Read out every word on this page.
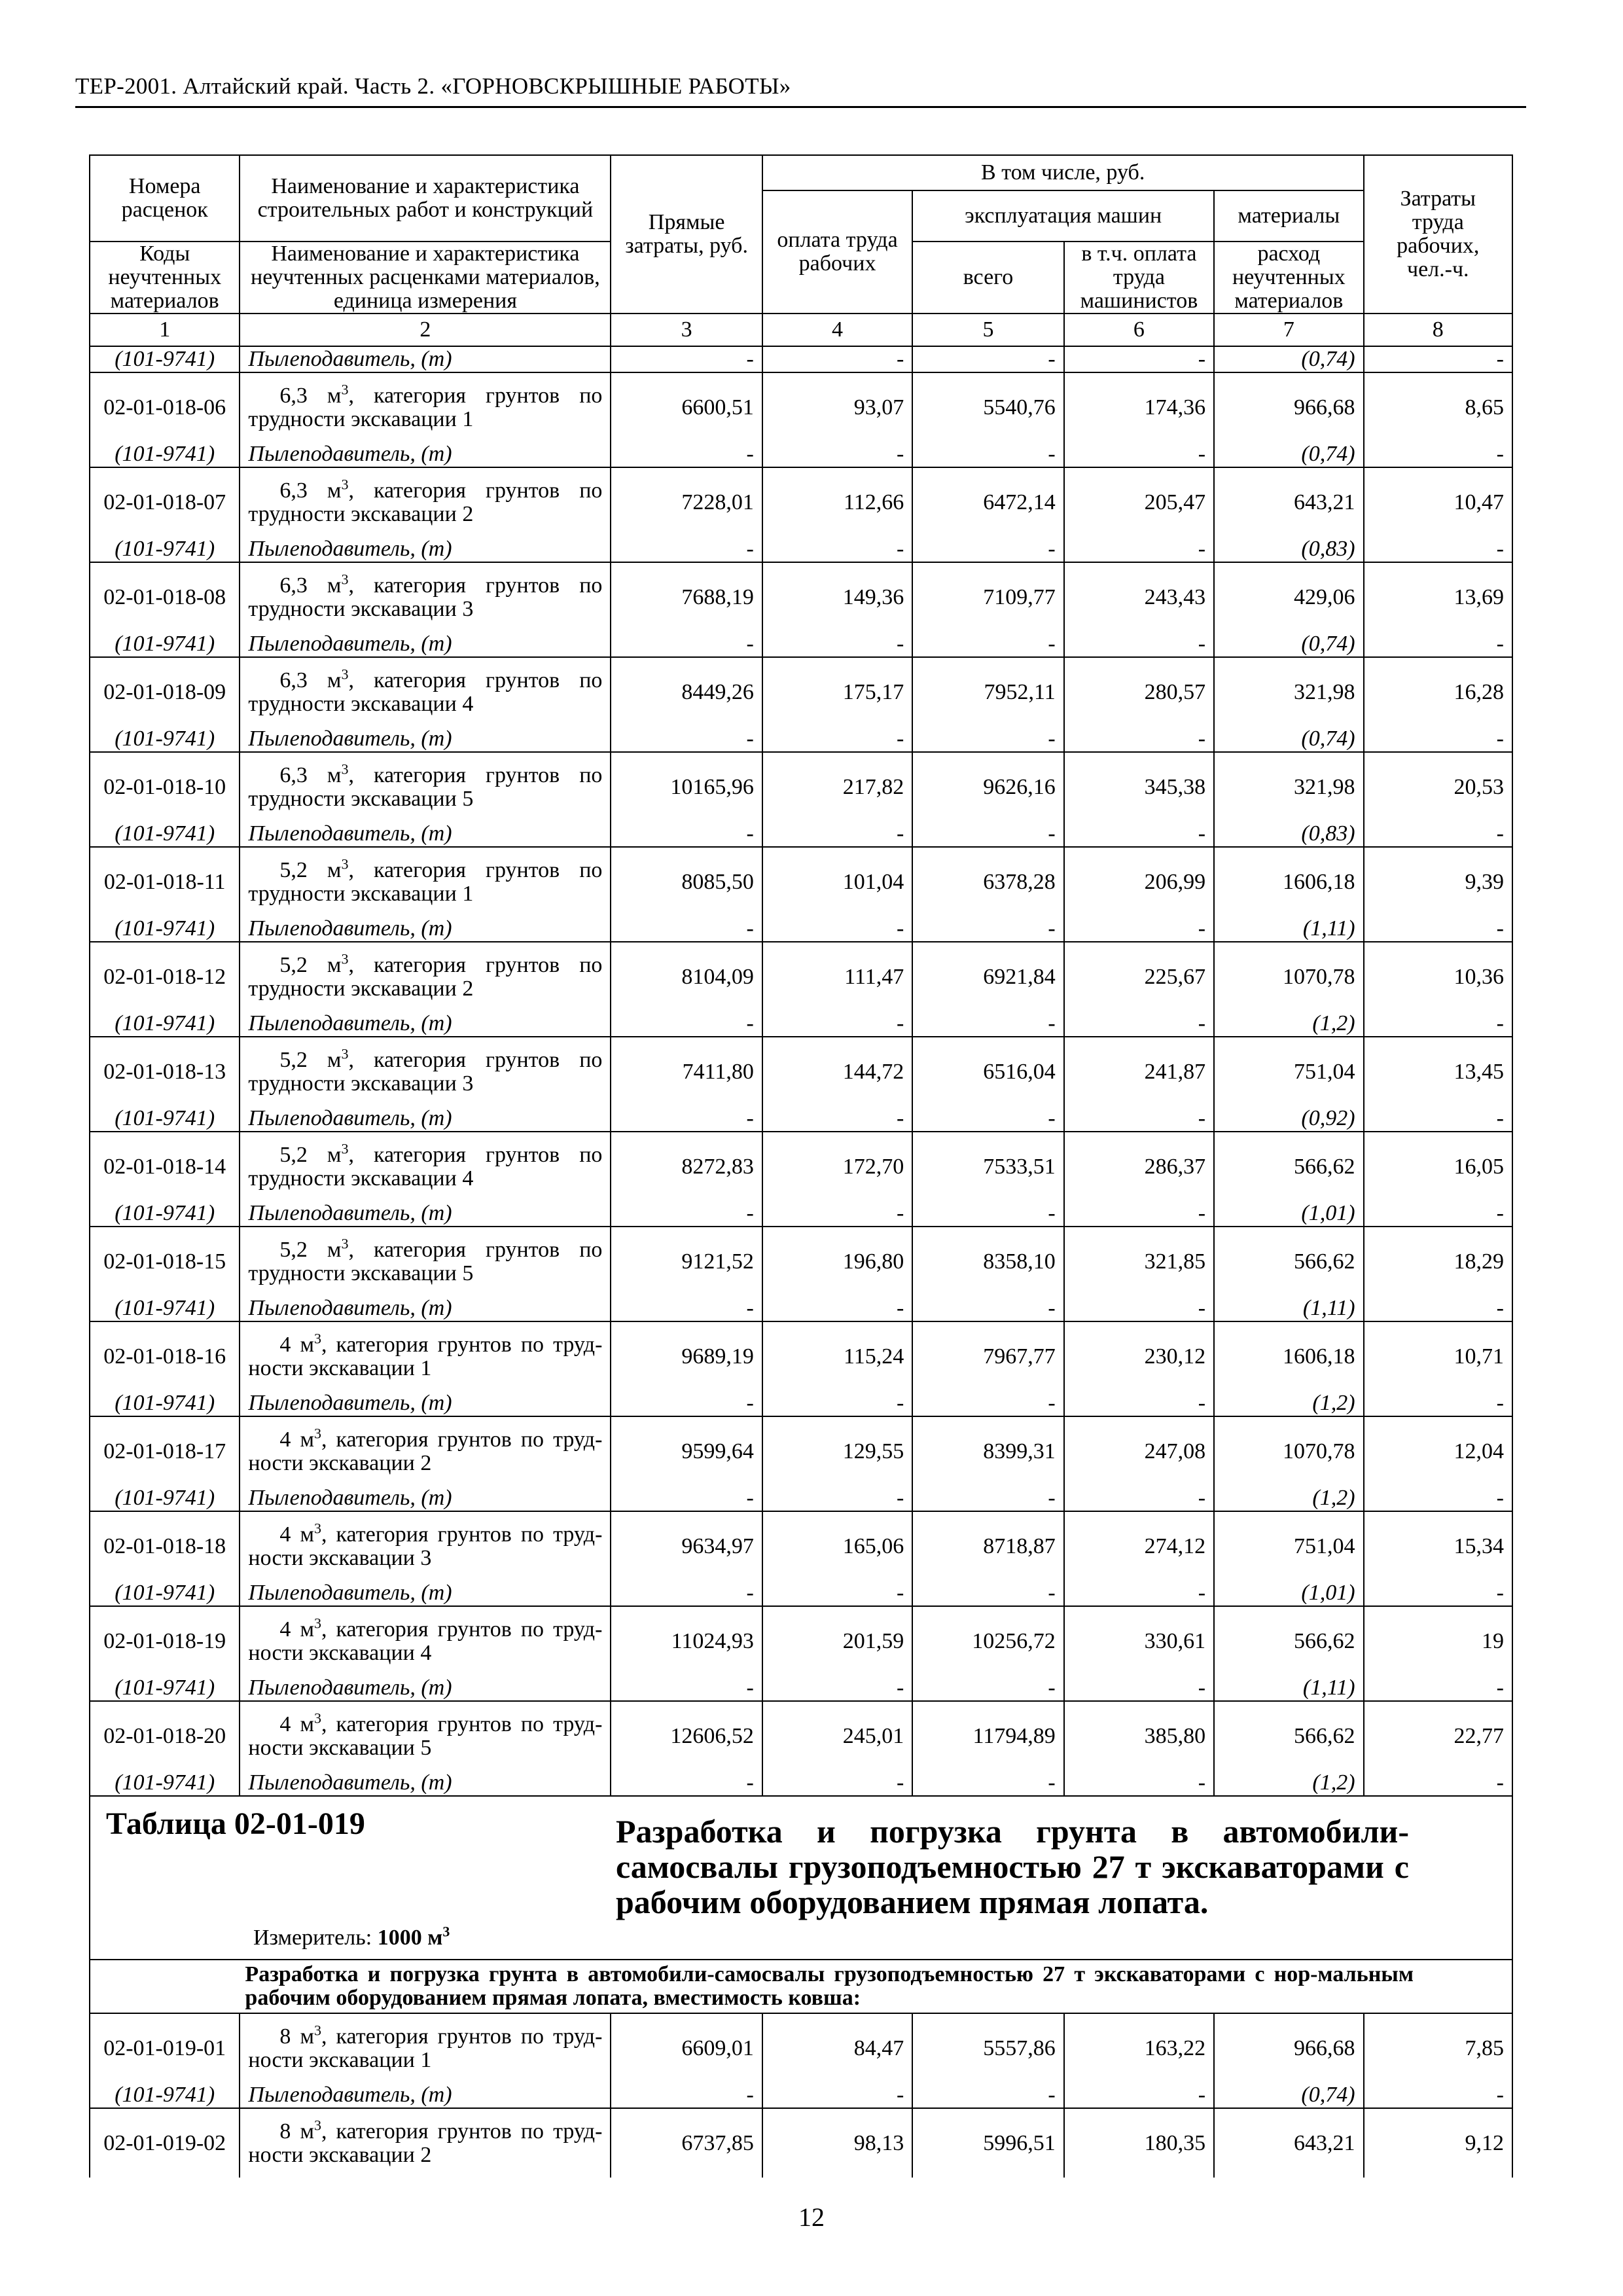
ТЕР-2001. Алтайский край. Часть 2. «ГОРНОВСКРЫШНЫЕ РАБОТЫ»
Номера расценок	Наименование и характеристика строительных работ и конструкций	Прямые затраты, руб.	В том числе, руб.				Затраты труда рабочих, чел.-ч.
			оплата труда рабочих	эксплуатация машин		материалы	
Коды неучтенных материалов	Наименование и характеристика неучтенных расценками материалов, единица измерения			всего	в т.ч. оплата труда машинистов	расход неучтенных материалов	

1	2	3	4	5	6	7	8
(101-9741)	Пылеподавитель, (т)	-	-	-	-	(0,74)	-
02-01-018-06	6,3 $м^3$, категория грунтов по трудности экскавации 1	6600,51	93,07	5540,76	174,36	966,68	8,65
(101-9741)	Пылеподавитель, (т)	-	-	-	-	(0,74)	-
02-01-018-07	6,3 $м^3$, категория грунтов по трудности экскавации 2	7228,01	112,66	6472,14	205,47	643,21	10,47
(101-9741)	Пылеподавитель, (т)	-	-	-	-	(0,83)	-
02-01-018-08	6,3 $м^3$, категория грунтов по трудности экскавации 3	7688,19	149,36	7109,77	243,43	429,06	13,69
(101-9741)	Пылеподавитель, (т)	-	-	-	-	(0,74)	-
02-01-018-09	6,3 $м^3$, категория грунтов по трудности экскавации 4	8449,26	175,17	7952,11	280,57	321,98	16,28
(101-9741)	Пылеподавитель, (т)	-	-	-	-	(0,74)	-
02-01-018-10	6,3 $м^3$, категория грунтов по трудности экскавации 5	10165,96	217,82	9626,16	345,38	321,98	20,53
(101-9741)	Пылеподавитель, (т)	-	-	-	-	(0,83)	-
02-01-018-11	5,2 $м^3$, категория грунтов по трудности экскавации 1	8085,50	101,04	6378,28	206,99	1606,18	9,39
(101-9741)	Пылеподавитель, (т)	-	-	-	-	(1,11)	-
02-01-018-12	5,2 $м^3$, категория грунтов по трудности экскавации 2	8104,09	111,47	6921,84	225,67	1070,78	10,36
(101-9741)	Пылеподавитель, (т)	-	-	-	-	(1,2)	-
02-01-018-13	5,2 $м^3$, категория грунтов по трудности экскавации 3	7411,80	144,72	6516,04	241,87	751,04	13,45
(101-9741)	Пылеподавитель, (т)	-	-	-	-	(0,92)	-
02-01-018-14	5,2 $м^3$, категория грунтов по трудности экскавации 4	8272,83	172,70	7533,51	286,37	566,62	16,05
(101-9741)	Пылеподавитель, (т)	-	-	-	-	(1,01)	-
02-01-018-15	5,2 $м^3$, категория грунтов по трудности экскавации 5	9121,52	196,80	8358,10	321,85	566,62	18,29
(101-9741)	Пылеподавитель, (т)	-	-	-	-	(1,11)	-
02-01-018-16	4 $м^3$, категория грунтов по труд-ности экскавации 1	9689,19	115,24	7967,77	230,12	1606,18	10,71
(101-9741)	Пылеподавитель, (т)	-	-	-	-	(1,2)	-
02-01-018-17	4 $м^3$, категория грунтов по труд-ности экскавации 2	9599,64	129,55	8399,31	247,08	1070,78	12,04
(101-9741)	Пылеподавитель, (т)	-	-	-	-	(1,2)	-
02-01-018-18	4 $м^3$, категория грунтов по труд-ности экскавации 3	9634,97	165,06	8718,87	274,12	751,04	15,34
(101-9741)	Пылеподавитель, (т)	-	-	-	-	(1,01)	-
02-01-018-19	4 $м^3$, категория грунтов по труд-ности экскавации 4	11024,93	201,59	10256,72	330,61	566,62	19
(101-9741)	Пылеподавитель, (т)	-	-	-	-	(1,11)	-
02-01-018-20	4 $м^3$, категория грунтов по труд-ности экскавации 5	12606,52	245,01	11794,89	385,80	566,62	22,77
(101-9741)	Пылеподавитель, (т)	-	-	-	-	(1,2)	-

Таблица 02-01-019 Разработка и погрузка грунта в автомобили-самосвалы грузоподъемностью 27 т экскаваторами с рабочим оборудованием прямая лопата.
Измеритель: 1000 $м^3$

	Разработка и погрузка грунта в автомобили-самосвалы грузоподъемностью 27 т экскаваторами с нор-мальным рабочим оборудованием прямая лопата, вместимость ковша:						
02-01-019-01	8 $м^3$, категория грунтов по труд-ности экскавации 1	6609,01	84,47	5557,86	163,22	966,68	7,85
(101-9741)	Пылеподавитель, (т)	-	-	-	-	(0,74)	-
02-01-019-02	8 $м^3$, категория грунтов по труд-ности экскавации 2	6737,85	98,13	5996,51	180,35	643,21	9,12
12
